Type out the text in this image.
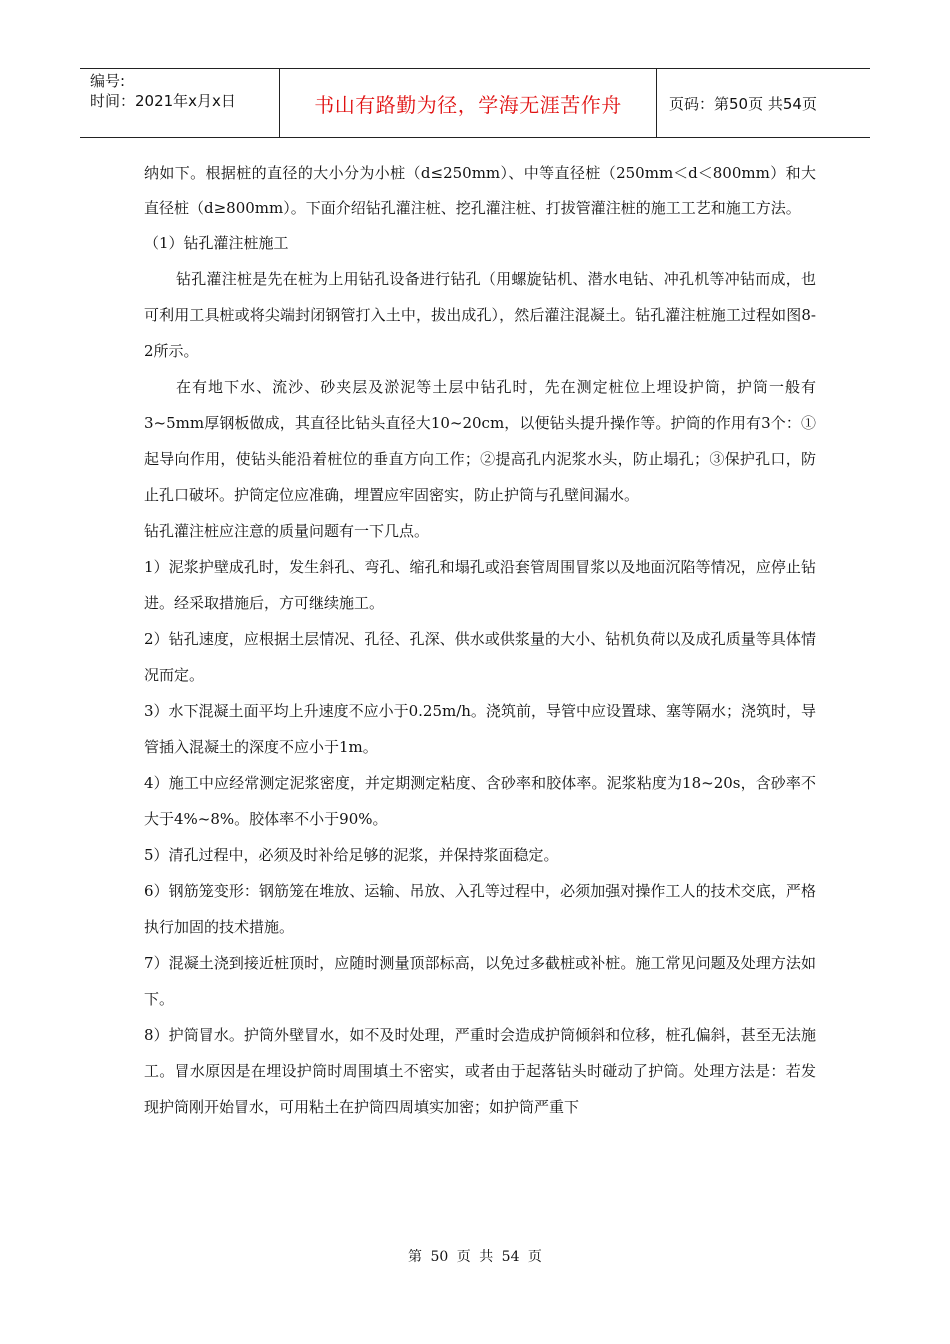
编号:
时间：2021年x月x日	书山有路勤为径，学海无涯苦作舟	页码：第50页 共54页

纳如下。根据桩的直径的大小分为小桩（d≤250mm）、中等直径桩（250mm＜d＜800mm）和大直径桩（d≥800mm）。下面介绍钻孔灌注桩、挖孔灌注桩、打拔管灌注桩的施工工艺和施工方法。

（1）钻孔灌注桩施工

钻孔灌注桩是先在桩为上用钻孔设备进行钻孔（用螺旋钻机、潜水电钻、冲孔机等冲钻而成，也可利用工具桩或将尖端封闭钢管打入土中，拔出成孔），然后灌注混凝土。钻孔灌注桩施工过程如图8-2所示。

在有地下水、流沙、砂夹层及淤泥等土层中钻孔时，先在测定桩位上埋设护筒，护筒一般有3~5mm厚钢板做成，其直径比钻头直径大10~20cm，以便钻头提升操作等。护筒的作用有3个：①起导向作用，使钻头能沿着桩位的垂直方向工作；②提高孔内泥浆水头，防止塌孔；③保护孔口，防止孔口破坏。护筒定位应准确，埋置应牢固密实，防止护筒与孔壁间漏水。

钻孔灌注桩应注意的质量问题有一下几点。

1）泥浆护壁成孔时，发生斜孔、弯孔、缩孔和塌孔或沿套管周围冒浆以及地面沉陷等情况，应停止钻进。经采取措施后，方可继续施工。

2）钻孔速度，应根据土层情况、孔径、孔深、供水或供浆量的大小、钻机负荷以及成孔质量等具体情况而定。

3）水下混凝土面平均上升速度不应小于0.25m/h。浇筑前，导管中应设置球、塞等隔水；浇筑时，导管插入混凝土的深度不应小于1m。

4）施工中应经常测定泥浆密度，并定期测定粘度、含砂率和胶体率。泥浆粘度为18~20s，含砂率不大于4%~8%。胶体率不小于90%。

5）清孔过程中，必须及时补给足够的泥浆，并保持浆面稳定。

6）钢筋笼变形：钢筋笼在堆放、运输、吊放、入孔等过程中，必须加强对操作工人的技术交底，严格执行加固的技术措施。

7）混凝土浇到接近桩顶时，应随时测量顶部标高，以免过多截桩或补桩。施工常见问题及处理方法如下。

8）护筒冒水。护筒外壁冒水，如不及时处理，严重时会造成护筒倾斜和位移，桩孔偏斜，甚至无法施工。冒水原因是在埋设护筒时周围填土不密实，或者由于起落钻头时碰动了护筒。处理方法是：若发现护筒刚开始冒水，可用粘土在护筒四周填实加密；如护筒严重下

第 50 页 共 54 页
